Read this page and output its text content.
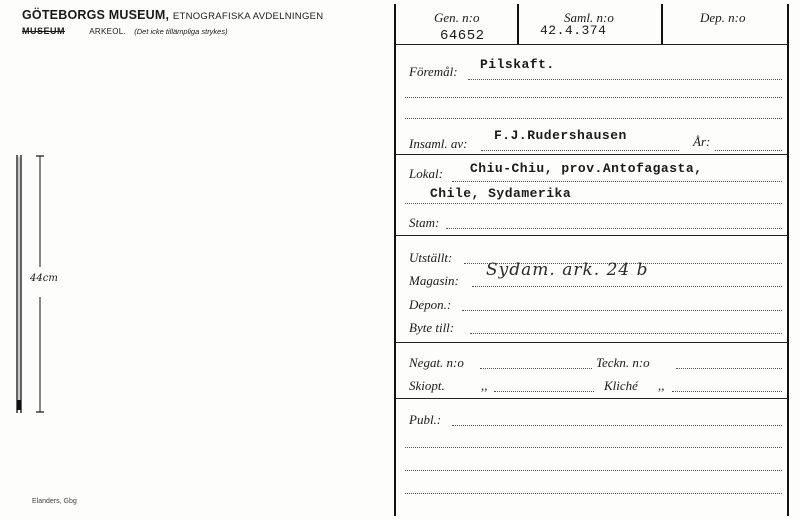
GÖTEBORGS MUSEUM, ETNOGRAFISKA AVDELNINGEN
MUSEUM	ARKEOL. (Det icke tillämpliga strykes)
44cm
Elanders, Gbg
Gen. n:o
64652
Saml. n:o
42.4.374
Dep. n:o
Föremål: Pilskaft.
Insaml. av:
F.J.Rudershausen	År:
Lokal: Chiu-Chiu, prov.Antofagasta,
Chile, Sydamerika
Stam:
Utställt:
Magasin:
Sydam. ark. 24 b
Depon.:
Byte till:
Negat. n:o	Teckn. n:o
Skiopt.	,,	Kliché ,,
Publ.:
